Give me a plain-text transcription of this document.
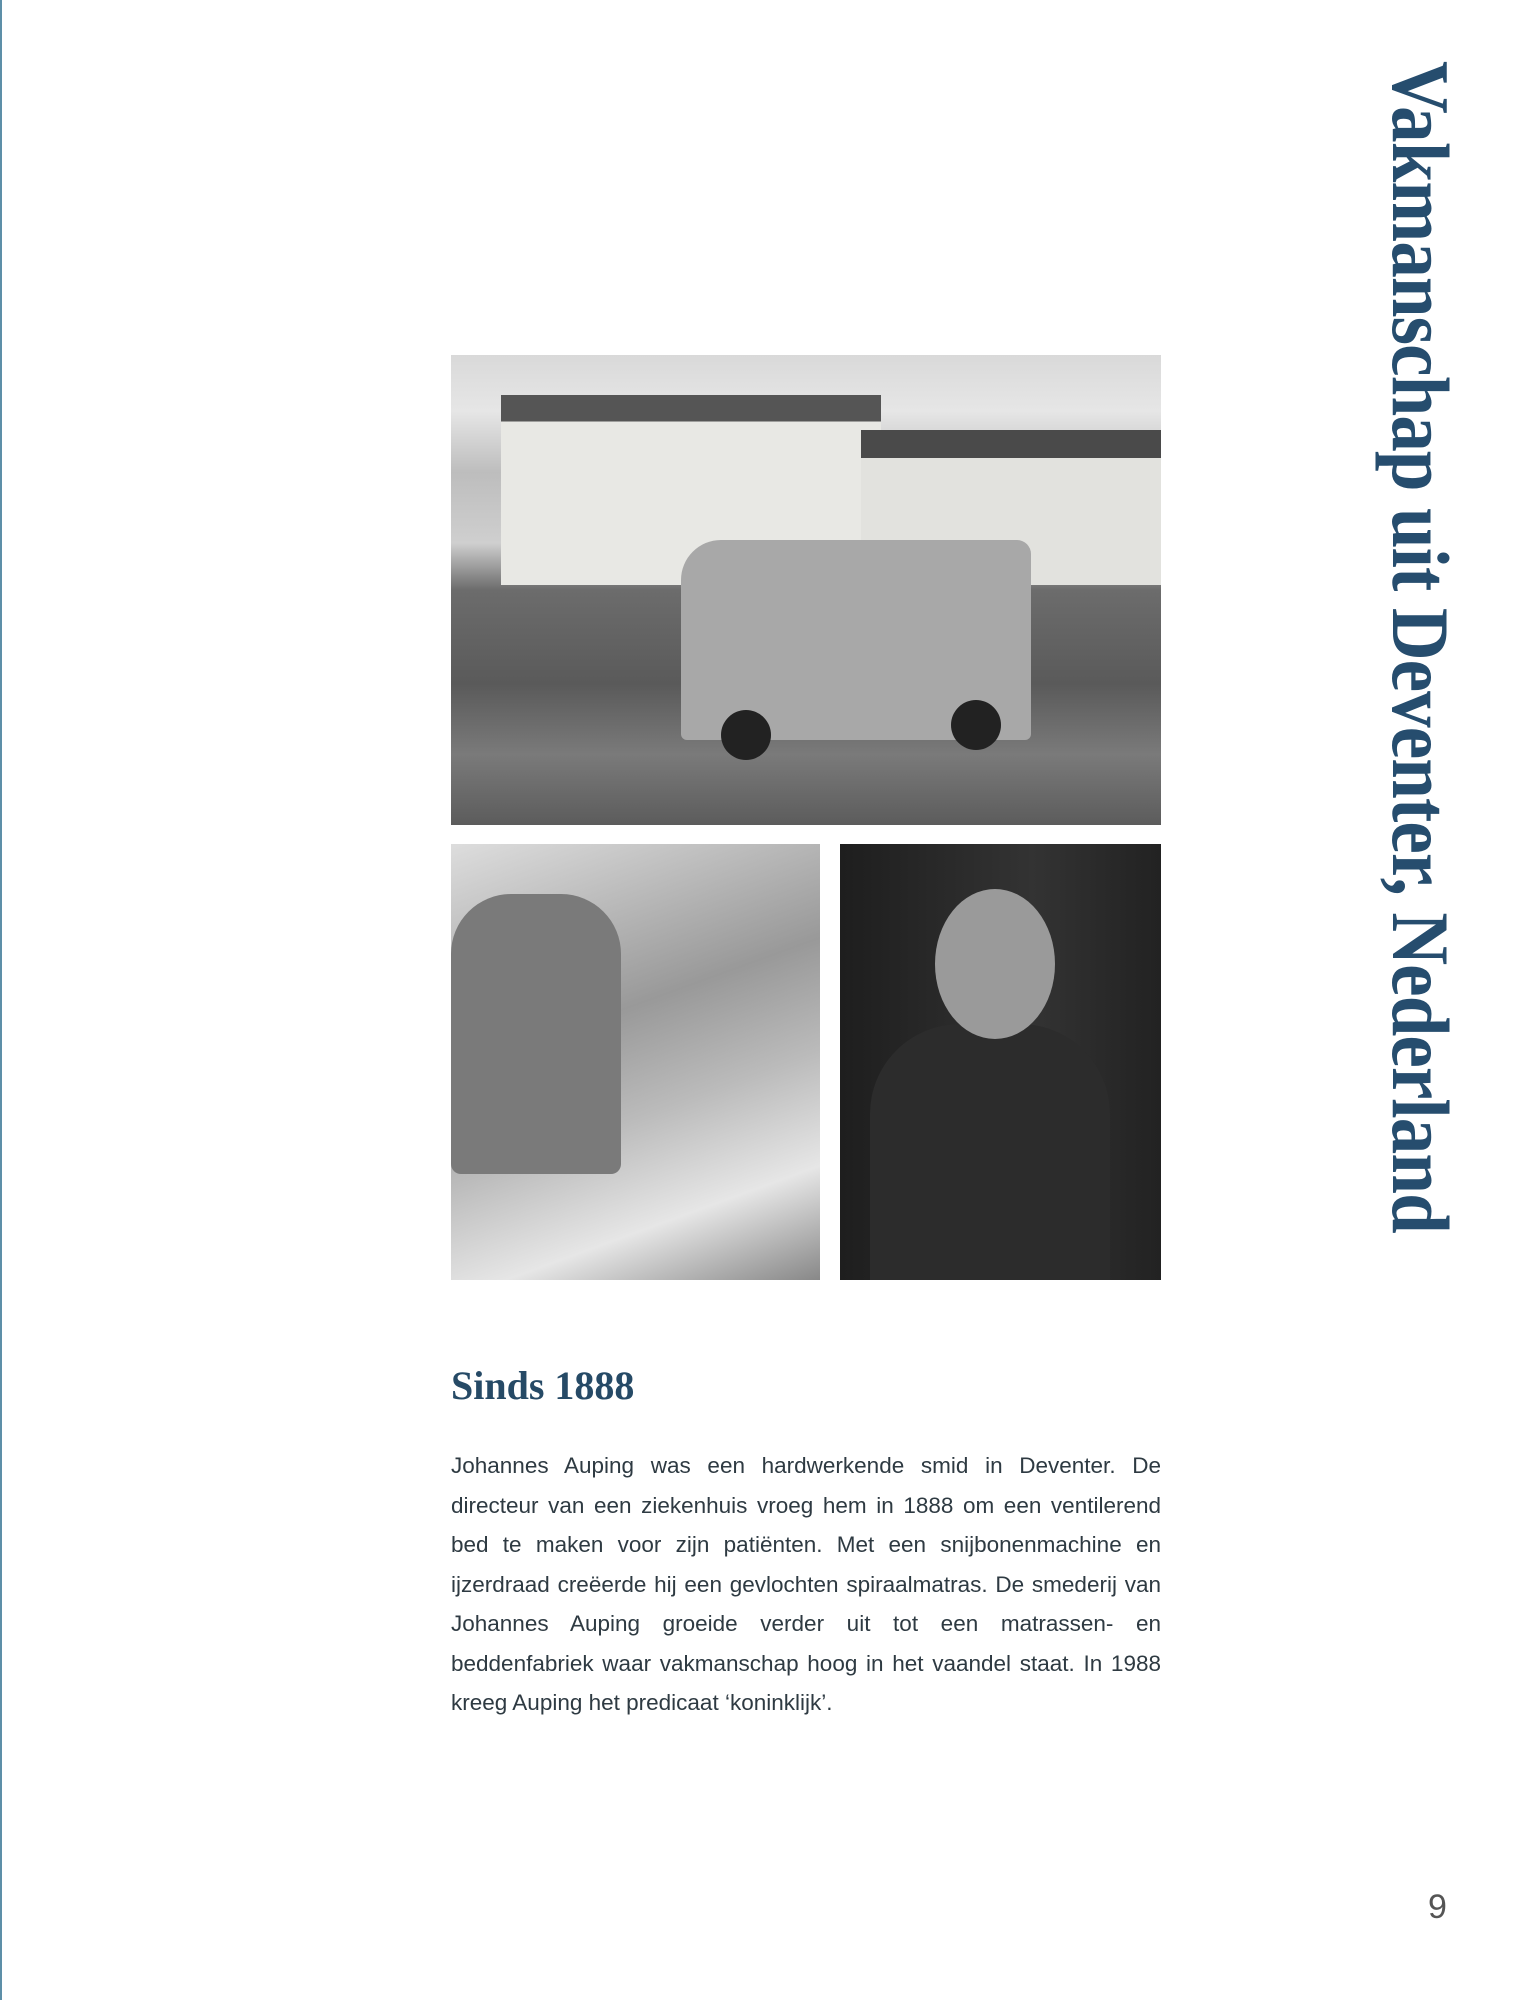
Sinds 1888

Johannes Auping was een hardwerkende smid in Deventer. De directeur van een ziekenhuis vroeg hem in 1888 om een ventilerend bed te maken voor zijn patiënten. Met een snijbonenmachine en ijzerdraad creëerde hij een gevlochten spiraalmatras. De smederij van Johannes Auping groeide verder uit tot een matrassen- en beddenfabriek waar vakmanschap hoog in het vaandel staat. In 1988 kreeg Auping het predicaat ‘koninklijk’.

Vakmanschap uit Deventer, Nederland
9
